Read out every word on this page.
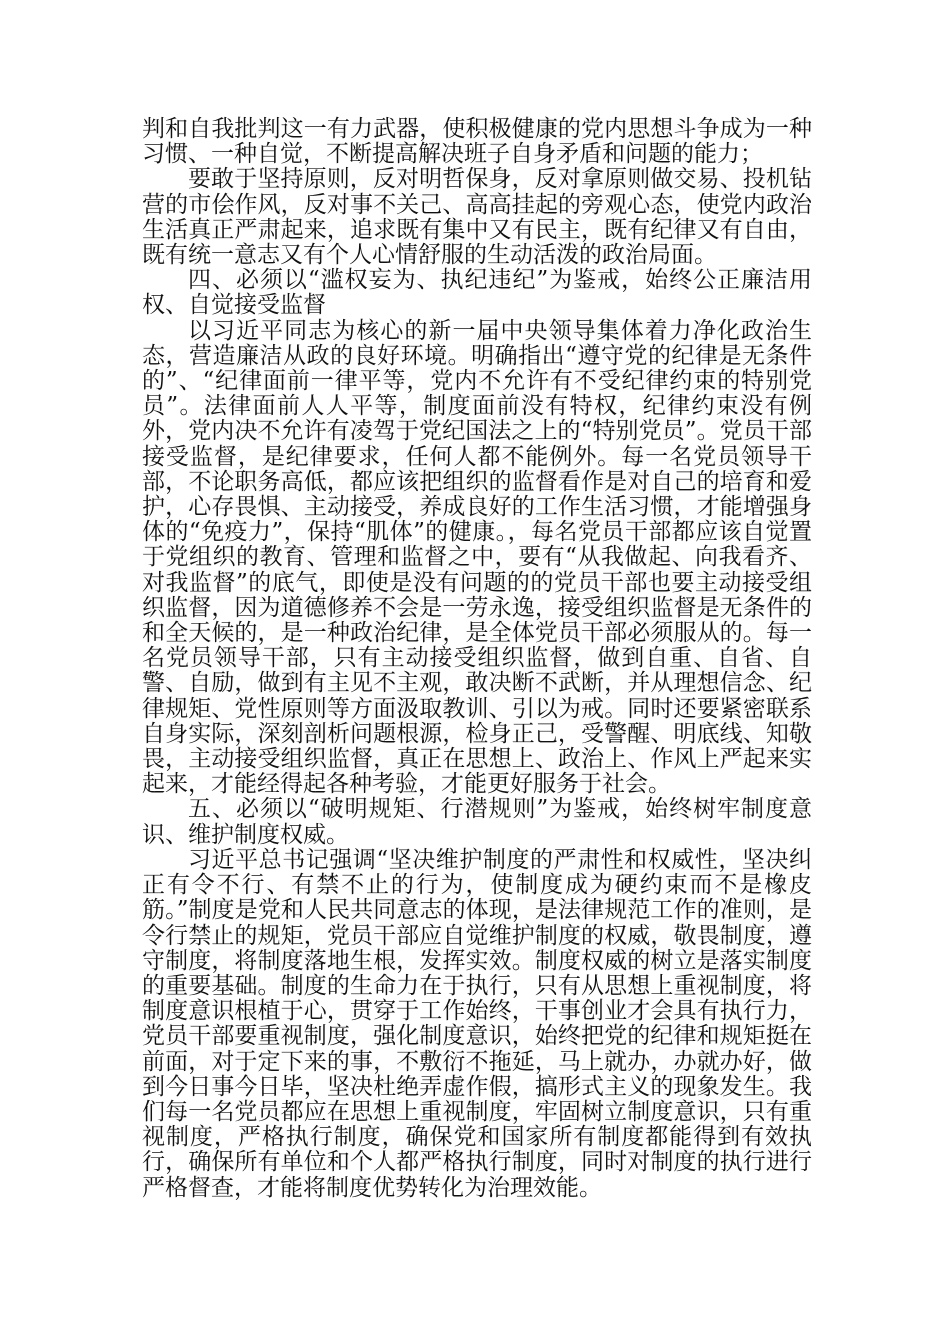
判和自我批判这一有力武器，使积极健康的党内思想斗争成为一种习惯、一种自觉，不断提高解决班子自身矛盾和问题的能力；

要敢于坚持原则，反对明哲保身，反对拿原则做交易、投机钻营的市侩作风，反对事不关己、高高挂起的旁观心态，使党内政治生活真正严肃起来，追求既有集中又有民主，既有纪律又有自由，既有统一意志又有个人心情舒服的生动活泼的政治局面。

四、必须以“滥权妄为、执纪违纪”为鉴戒，始终公正廉洁用权、自觉接受监督

以习近平同志为核心的新一届中央领导集体着力净化政治生态，营造廉洁从政的良好环境。明确指出“遵守党的纪律是无条件的”、“纪律面前一律平等，党内不允许有不受纪律约束的特别党员”。法律面前人人平等，制度面前没有特权，纪律约束没有例外，党内决不允许有凌驾于党纪国法之上的“特别党员”。党员干部接受监督，是纪律要求，任何人都不能例外。每一名党员领导干部，不论职务高低，都应该把组织的监督看作是对自己的培育和爱护，心存畏惧、主动接受，养成良好的工作生活习惯，才能增强身体的“免疫力”，保持“肌体”的健康。，每名党员干部都应该自觉置于党组织的教育、管理和监督之中，要有“从我做起、向我看齐、对我监督”的底气，即使是没有问题的的党员干部也要主动接受组织监督，因为道德修养不会是一劳永逸，接受组织监督是无条件的和全天候的，是一种政治纪律，是全体党员干部必须服从的。每一名党员领导干部，只有主动接受组织监督，做到自重、自省、自警、自励，做到有主见不主观，敢决断不武断，并从理想信念、纪律规矩、党性原则等方面汲取教训、引以为戒。同时还要紧密联系自身实际，深刻剖析问题根源，检身正己，受警醒、明底线、知敬畏，主动接受组织监督，真正在思想上、政治上、作风上严起来实起来，才能经得起各种考验，才能更好服务于社会。

五、必须以“破明规矩、行潜规则”为鉴戒，始终树牢制度意识、维护制度权威。

习近平总书记强调“坚决维护制度的严肃性和权威性，坚决纠正有令不行、有禁不止的行为，使制度成为硬约束而不是橡皮筋。”制度是党和人民共同意志的体现，是法律规范工作的准则，是令行禁止的规矩，党员干部应自觉维护制度的权威，敬畏制度，遵守制度，将制度落地生根，发挥实效。制度权威的树立是落实制度的重要基础。制度的生命力在于执行，只有从思想上重视制度，将制度意识根植于心，贯穿于工作始终，干事创业才会具有执行力，党员干部要重视制度，强化制度意识，始终把党的纪律和规矩挺在前面，对于定下来的事，不敷衍不拖延，马上就办，办就办好，做到今日事今日毕，坚决杜绝弄虚作假，搞形式主义的现象发生。我们每一名党员都应在思想上重视制度，牢固树立制度意识，只有重视制度，严格执行制度，确保党和国家所有制度都能得到有效执行，确保所有单位和个人都严格执行制度，同时对制度的执行进行严格督查，才能将制度优势转化为治理效能。
